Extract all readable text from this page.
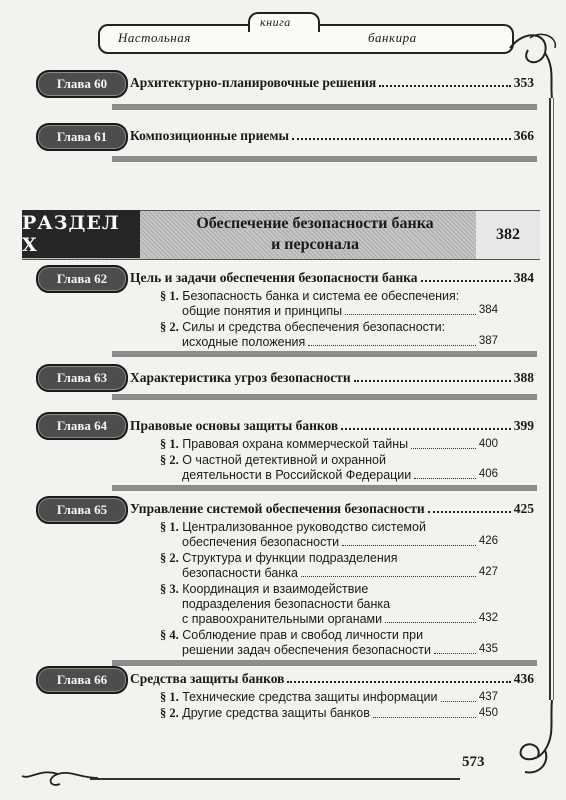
Настольная
книга
банкира
Глава 60	Архитектурно-планировочные решения	353
Глава 61	Композиционные приемы	366
РАЗДЕЛ X
Обеспечение безопасности банка
и персонала
382
Глава 62	Цель и задачи обеспечения безопасности банка	384
§ 1. Безопасность банка и система ее обеспечения:
общие понятия и принципы	384
§ 2. Силы и средства обеспечения безопасности:
исходные положения	387
Глава 63	Характеристика угроз безопасности	388
Глава 64	Правовые основы защиты банков	399
§ 1.
Правовая охрана коммерческой тайны	400
§ 2. О частной детективной и охранной
деятельности в Российской Федерации	406
Глава 65	Управление системой обеспечения безопасности	425
§ 1. Централизованное руководство системой
обеспечения безопасности	426
§ 2. Структура и функции подразделения
безопасности банка	427
§ 3. Координация и взаимодействие
подразделения безопасности банка
с правоохранительными органами	432
§ 4. Соблюдение прав и свобод личности при
решении задач обеспечения безопасности	435
Глава 66	Средства защиты банков	436
§ 1.
Технические средства защиты информации	437
§ 2.
Другие средства защиты банков	450
573
